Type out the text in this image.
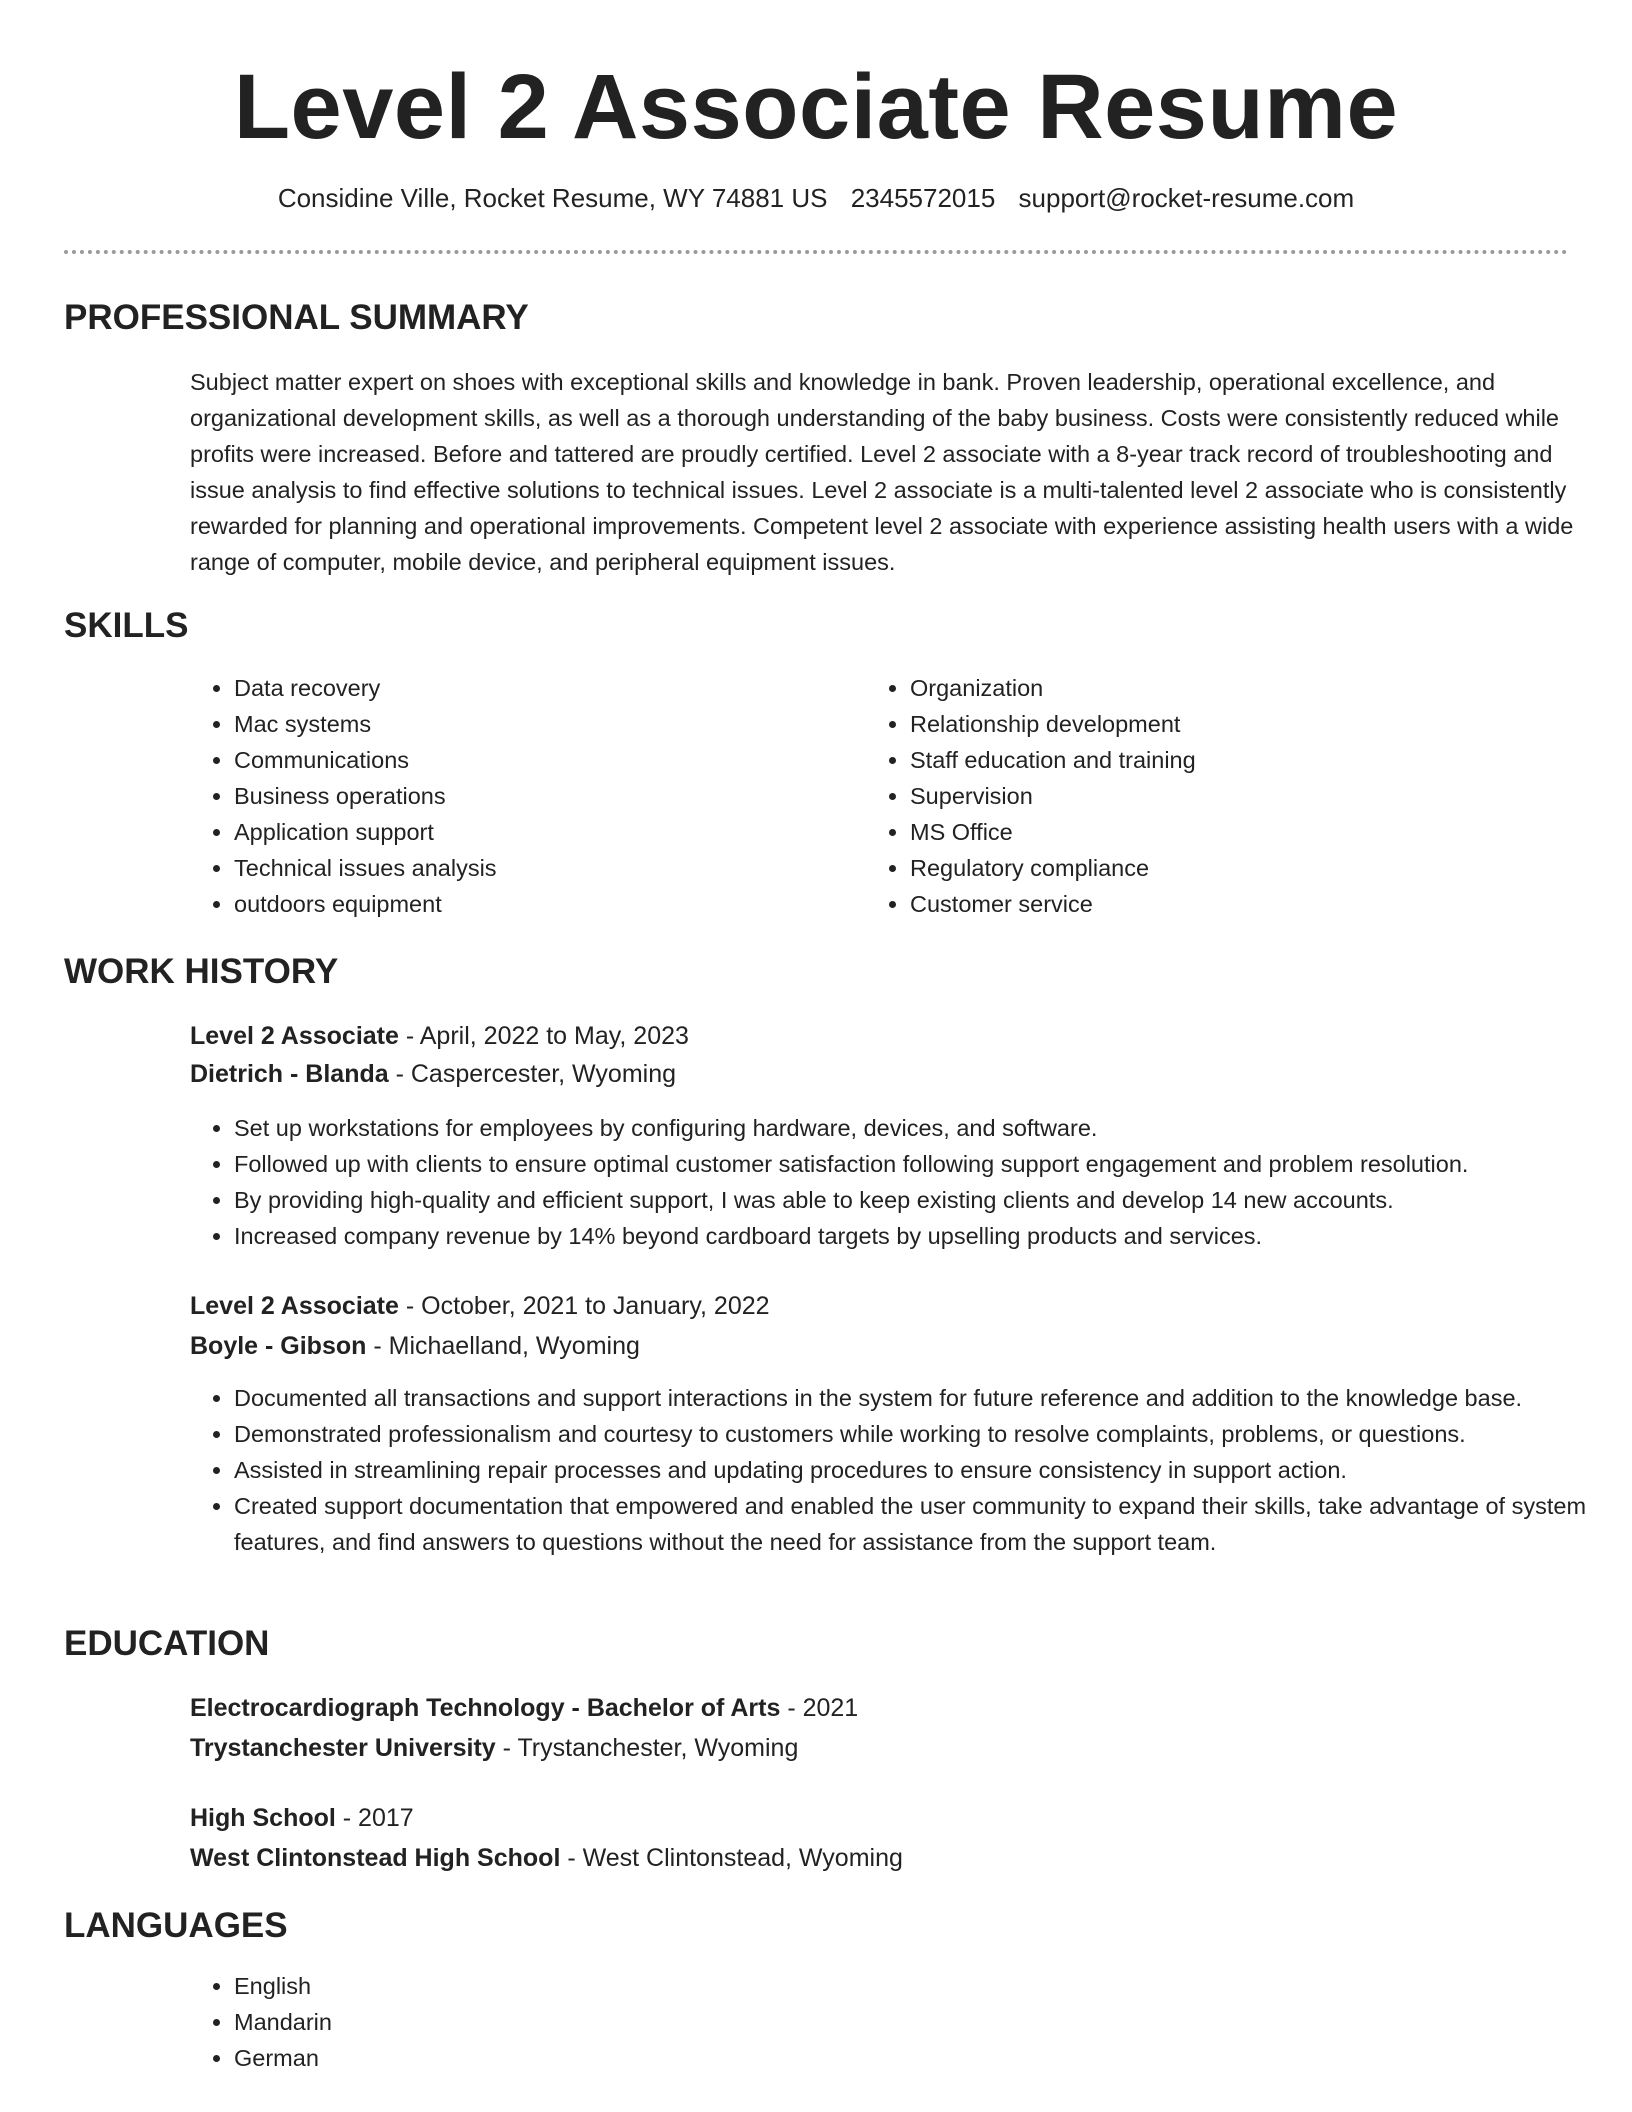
Level 2 Associate Resume
Considine Ville, Rocket Resume, WY 74881 US 2345572015 support@rocket-resume.com
PROFESSIONAL SUMMARY

Subject matter expert on shoes with exceptional skills and knowledge in bank. Proven leadership, operational excellence, and organizational development skills, as well as a thorough understanding of the baby business. Costs were consistently reduced while profits were increased. Before and tattered are proudly certified. Level 2 associate with a 8-year track record of troubleshooting and issue analysis to find effective solutions to technical issues. Level 2 associate is a multi-talented level 2 associate who is consistently rewarded for planning and operational improvements. Competent level 2 associate with experience assisting health users with a wide range of computer, mobile device, and peripheral equipment issues.

SKILLS
• Data recovery
• Mac systems
• Communications
• Business operations
• Application support
• Technical issues analysis
• outdoors equipment
• Organization
• Relationship development
• Staff education and training
• Supervision
• MS Office
• Regulatory compliance
• Customer service
WORK HISTORY

Level 2 Associate - April, 2022 to May, 2023

Dietrich - Blanda - Caspercester, Wyoming

• Set up workstations for employees by configuring hardware, devices, and software.
• Followed up with clients to ensure optimal customer satisfaction following support engagement and problem resolution.
• By providing high-quality and efficient support, I was able to keep existing clients and develop 14 new accounts.
• Increased company revenue by 14% beyond cardboard targets by upselling products and services.

Level 2 Associate - October, 2021 to January, 2022

Boyle - Gibson - Michaelland, Wyoming

• Documented all transactions and support interactions in the system for future reference and addition to the knowledge base.
• Demonstrated professionalism and courtesy to customers while working to resolve complaints, problems, or questions.
• Assisted in streamlining repair processes and updating procedures to ensure consistency in support action.
• Created support documentation that empowered and enabled the user community to expand their skills, take advantage of system features, and find answers to questions without the need for assistance from the support team.
EDUCATION

Electrocardiograph Technology - Bachelor of Arts - 2021

Trystanchester University - Trystanchester, Wyoming

High School - 2017

West Clintonstead High School - West Clintonstead, Wyoming

LANGUAGES
• English
• Mandarin
• German
